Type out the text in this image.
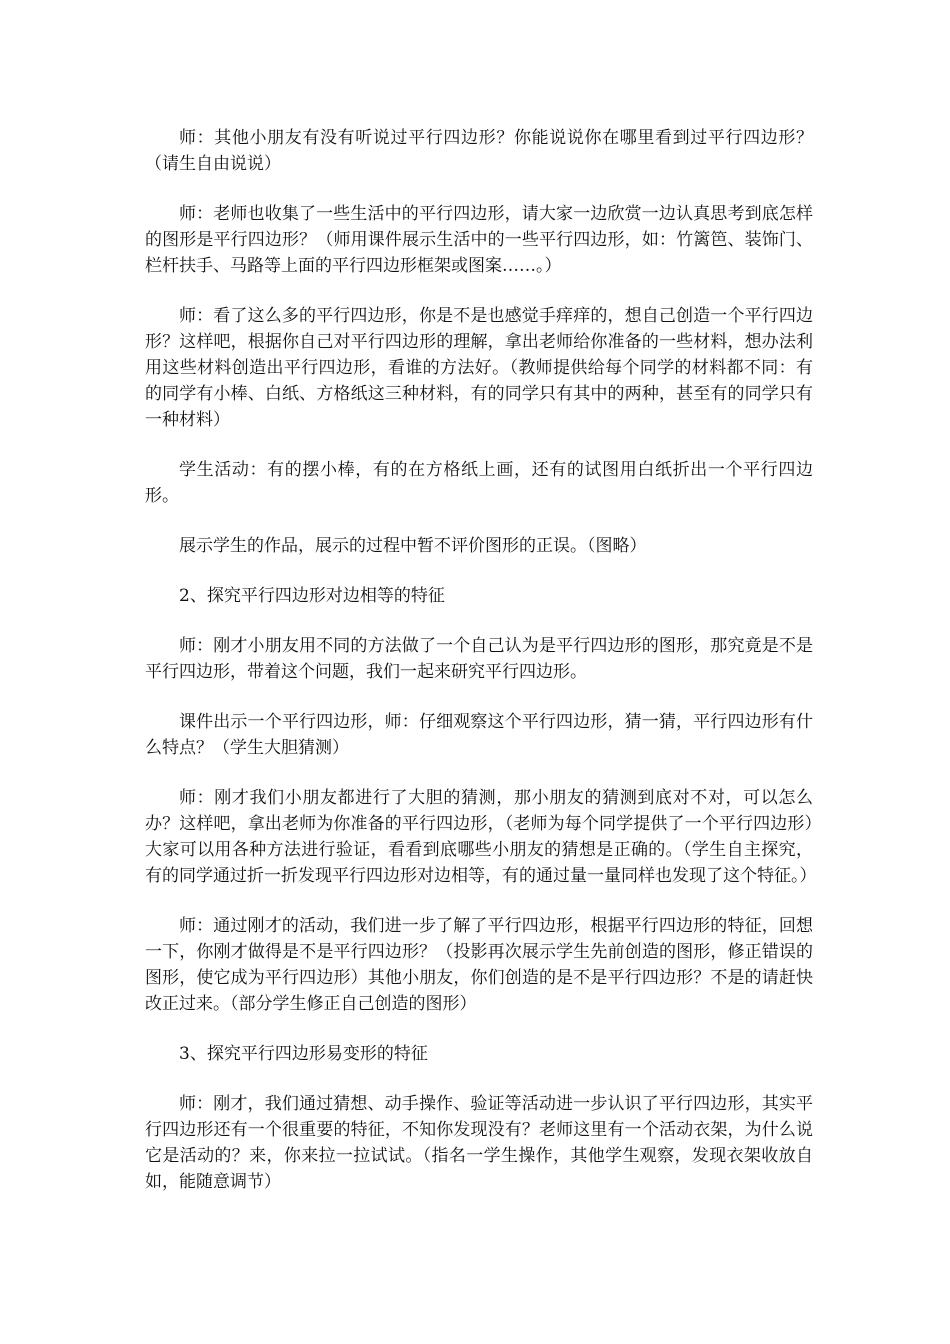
师：其他小朋友有没有听说过平行四边形？你能说说你在哪里看到过平行四边形？（请生自由说说）

师：老师也收集了一些生活中的平行四边形，请大家一边欣赏一边认真思考到底怎样的图形是平行四边形？（师用课件展示生活中的一些平行四边形，如：竹篱笆、装饰门、栏杆扶手、马路等上面的平行四边形框架或图案……。）

师：看了这么多的平行四边形，你是不是也感觉手痒痒的，想自己创造一个平行四边形？这样吧，根据你自己对平行四边形的理解，拿出老师给你准备的一些材料，想办法利用这些材料创造出平行四边形，看谁的方法好。（教师提供给每个同学的材料都不同：有的同学有小棒、白纸、方格纸这三种材料，有的同学只有其中的两种，甚至有的同学只有一种材料）

学生活动：有的摆小棒，有的在方格纸上画，还有的试图用白纸折出一个平行四边形。

展示学生的作品，展示的过程中暂不评价图形的正误。（图略）

2、探究平行四边形对边相等的特征

师：刚才小朋友用不同的方法做了一个自己认为是平行四边形的图形，那究竟是不是平行四边形，带着这个问题，我们一起来研究平行四边形。

课件出示一个平行四边形，师：仔细观察这个平行四边形，猜一猜，平行四边形有什么特点？（学生大胆猜测）

师：刚才我们小朋友都进行了大胆的猜测，那小朋友的猜测到底对不对，可以怎么办？这样吧，拿出老师为你准备的平行四边形，（老师为每个同学提供了一个平行四边形）大家可以用各种方法进行验证，看看到底哪些小朋友的猜想是正确的。（学生自主探究，有的同学通过折一折发现平行四边形对边相等，有的通过量一量同样也发现了这个特征。）

师：通过刚才的活动，我们进一步了解了平行四边形，根据平行四边形的特征，回想一下，你刚才做得是不是平行四边形？（投影再次展示学生先前创造的图形，修正错误的图形，使它成为平行四边形）其他小朋友，你们创造的是不是平行四边形？不是的请赶快改正过来。（部分学生修正自己创造的图形）

3、探究平行四边形易变形的特征

师：刚才，我们通过猜想、动手操作、验证等活动进一步认识了平行四边形，其实平行四边形还有一个很重要的特征，不知你发现没有？老师这里有一个活动衣架，为什么说它是活动的？来，你来拉一拉试试。（指名一学生操作，其他学生观察，发现衣架收放自如，能随意调节）
